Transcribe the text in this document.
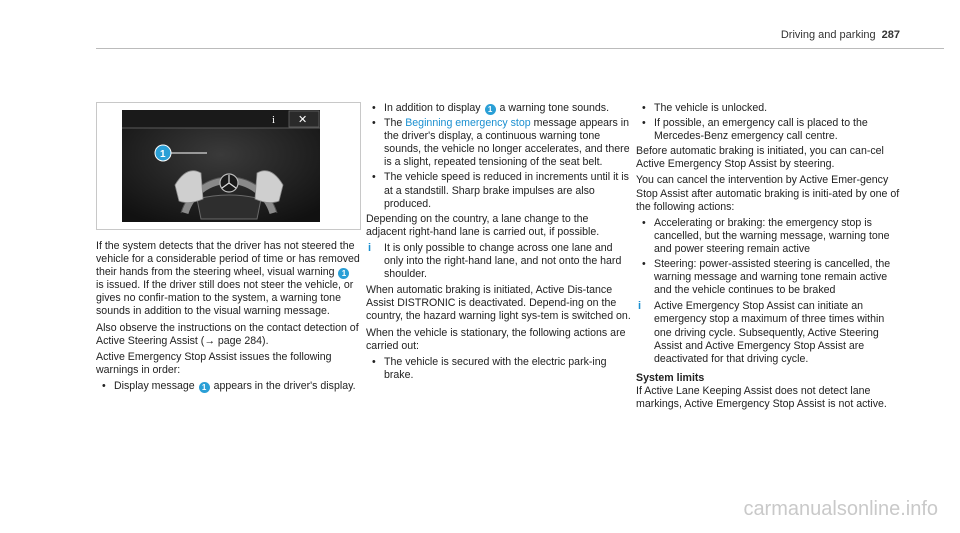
Driving and parking 287
i ✕
1

If the system detects that the driver has not steered the vehicle for a considerable period of time or has removed their hands from the steering wheel, visual warning 1 is issued. If the driver still does not steer the vehicle, or gives no confir-mation to the system, a warning tone sounds in addition to the visual warning message.

Also observe the instructions on the contact detection of Active Steering Assist (→ page 284).

Active Emergency Stop Assist issues the following warnings in order:

• Display message 1 appears in the driver's display.
• In addition to display 1 a warning tone sounds.
• The Beginning emergency stop message appears in the driver's display, a continuous warning tone sounds, the vehicle no longer accelerates, and there is a slight, repeated tensioning of the seat belt.
• The vehicle speed is reduced in increments until it is at a standstill. Sharp brake impulses are also produced.

Depending on the country, a lane change to the adjacent right-hand lane is carried out, if possible.

i It is only possible to change across one lane and only into the right-hand lane, and not onto the hard shoulder.

When automatic braking is initiated, Active Dis-tance Assist DISTRONIC is deactivated. Depend-ing on the country, the hazard warning light sys-tem is switched on.

When the vehicle is stationary, the following actions are carried out:

• The vehicle is secured with the electric park-ing brake.
• The vehicle is unlocked.
• If possible, an emergency call is placed to the Mercedes-Benz emergency call centre.

Before automatic braking is initiated, you can can-cel Active Emergency Stop Assist by steering.

You can cancel the intervention by Active Emer-gency Stop Assist after automatic braking is initi-ated by one of the following actions:

• Accelerating or braking: the emergency stop is cancelled, but the warning message, warning tone and power steering remain active
• Steering: power-assisted steering is cancelled, the warning message and warning tone remain active and the vehicle continues to be braked
i Active Emergency Stop Assist can initiate an emergency stop a maximum of three times within one driving cycle. Subsequently, Active Steering Assist and Active Emergency Stop Assist are deactivated for that driving cycle.
System limits

If Active Lane Keeping Assist does not detect lane markings, Active Emergency Stop Assist is not active.

carmanualsonline.info
